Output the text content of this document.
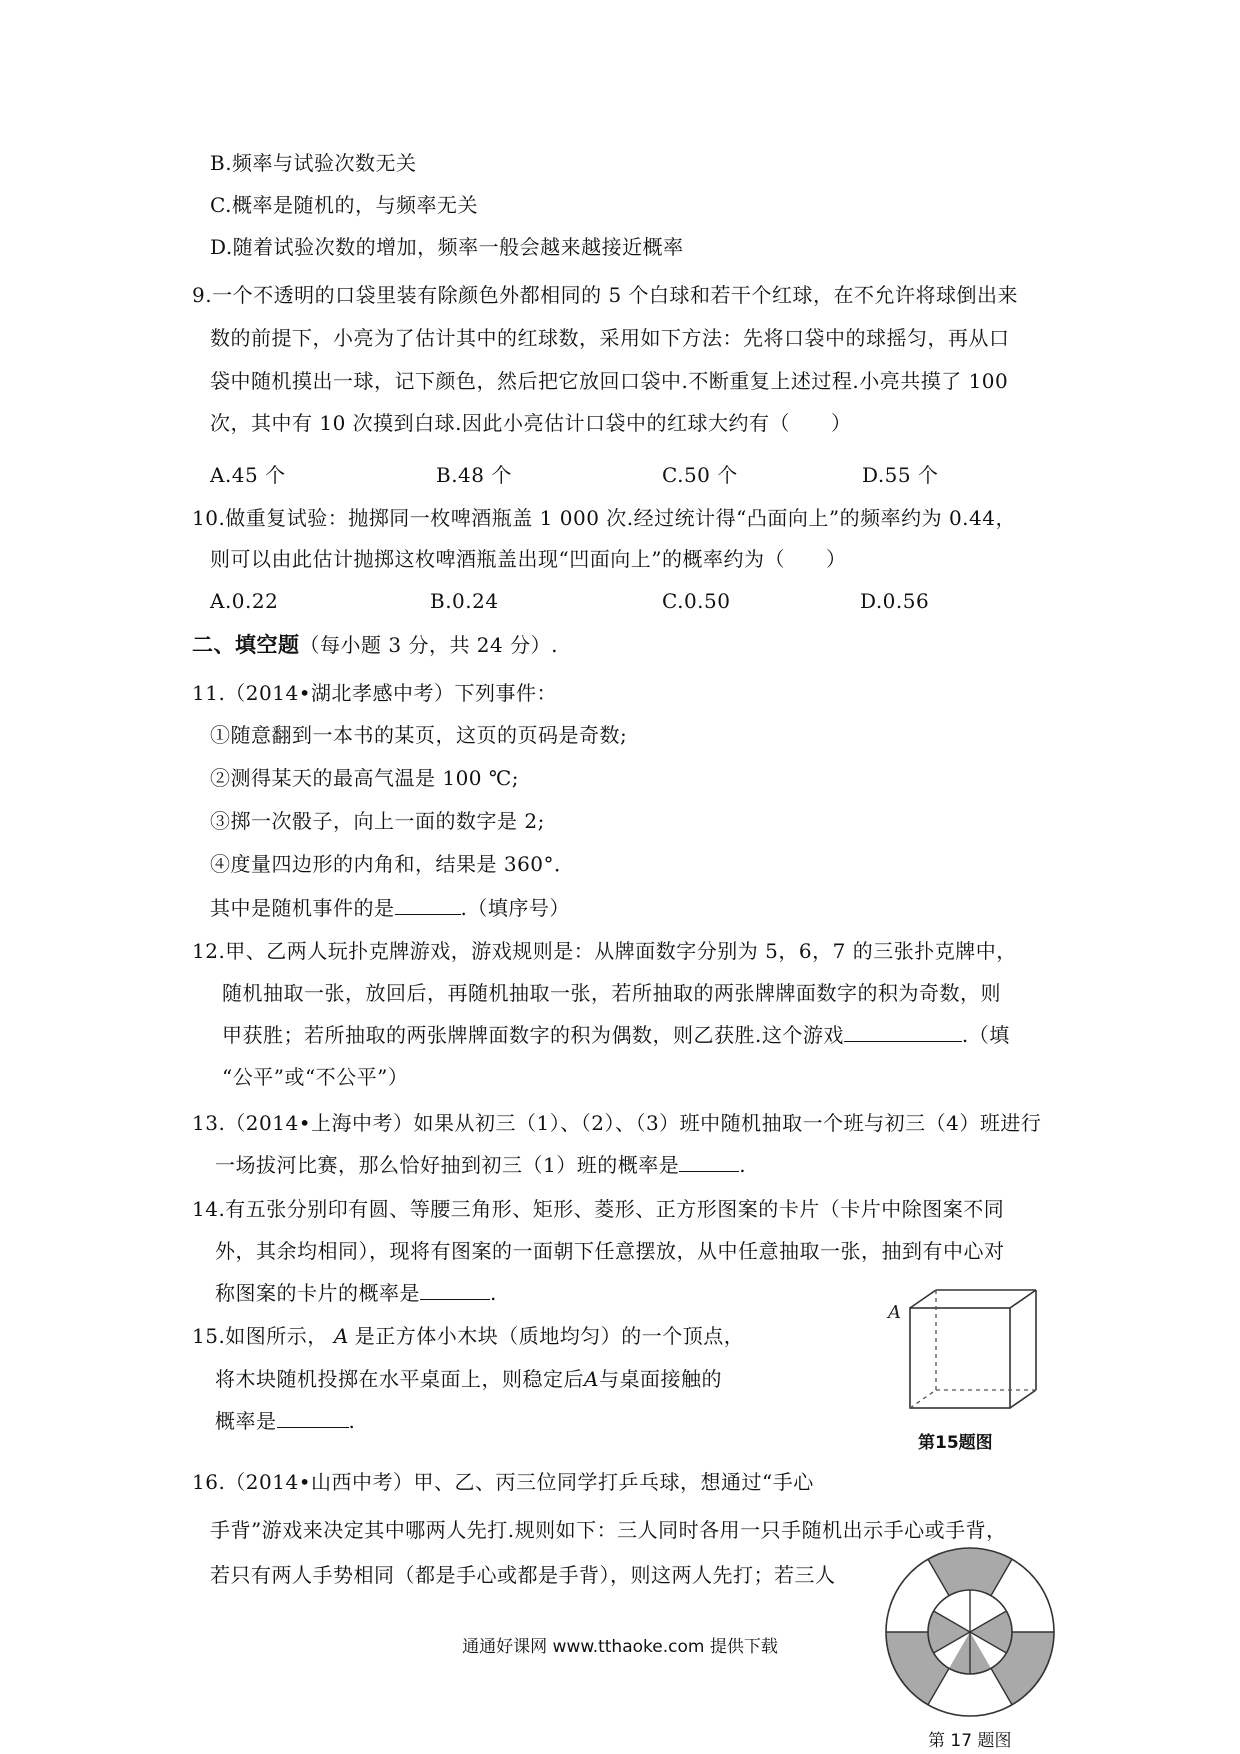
B.频率与试验次数无关
C.概率是随机的，与频率无关
D.随着试验次数的增加，频率一般会越来越接近概率
9.一个不透明的口袋里装有除颜色外都相同的 5 个白球和若干个红球，在不允许将球倒出来
数的前提下，小亮为了估计其中的红球数，采用如下方法：先将口袋中的球摇匀，再从口
袋中随机摸出一球，记下颜色，然后把它放回口袋中.不断重复上述过程.小亮共摸了 100
次，其中有 10 次摸到白球.因此小亮估计口袋中的红球大约有（　　）
A.45 个	B.48 个	C.50 个	D.55 个
10.做重复试验：抛掷同一枚啤酒瓶盖 1 000 次.经过统计得“凸面向上”的频率约为 0.44，
则可以由此估计抛掷这枚啤酒瓶盖出现“凹面向上”的概率约为（　　）
A.0.22	B.0.24	C.0.50	D.0.56
二、填空题（每小题 3 分，共 24 分）.
11.（2014•湖北孝感中考）下列事件：
①随意翻到一本书的某页，这页的页码是奇数;
②测得某天的最高气温是 100 ℃;
③掷一次骰子，向上一面的数字是 2;
④度量四边形的内角和，结果是 360°．
其中是随机事件的是	.（填序号）
12.甲、乙两人玩扑克牌游戏，游戏规则是：从牌面数字分别为 5，6，7 的三张扑克牌中，
随机抽取一张，放回后，再随机抽取一张，若所抽取的两张牌牌面数字的积为奇数，则
甲获胜；若所抽取的两张牌牌面数字的积为偶数，则乙获胜.这个游戏	.（填
“公平”或“不公平”）
13.（2014•上海中考）如果从初三（1）、（2）、（3）班中随机抽取一个班与初三（4）班进行
一场拔河比赛，那么恰好抽到初三（1）班的概率是	.
14.有五张分别印有圆、等腰三角形、矩形、菱形、正方形图案的卡片（卡片中除图案不同
外，其余均相同），现将有图案的一面朝下任意摆放，从中任意抽取一张，抽到有中心对
称图案的卡片的概率是	.
15.如图所示， A 是正方体小木块（质地均匀）的一个顶点，
将木块随机投掷在水平桌面上，则稳定后A与桌面接触的
概率是	.
A
第15题图
16.（2014•山西中考）甲、乙、丙三位同学打乒乓球，想通过“手心
手背”游戏来决定其中哪两人先打.规则如下：三人同时各用一只手随机出示手心或手背，
若只有两人手势相同（都是手心或都是手背），则这两人先打；若三人
第 17 题图
通通好课网 www.tthaoke.com 提供下载
